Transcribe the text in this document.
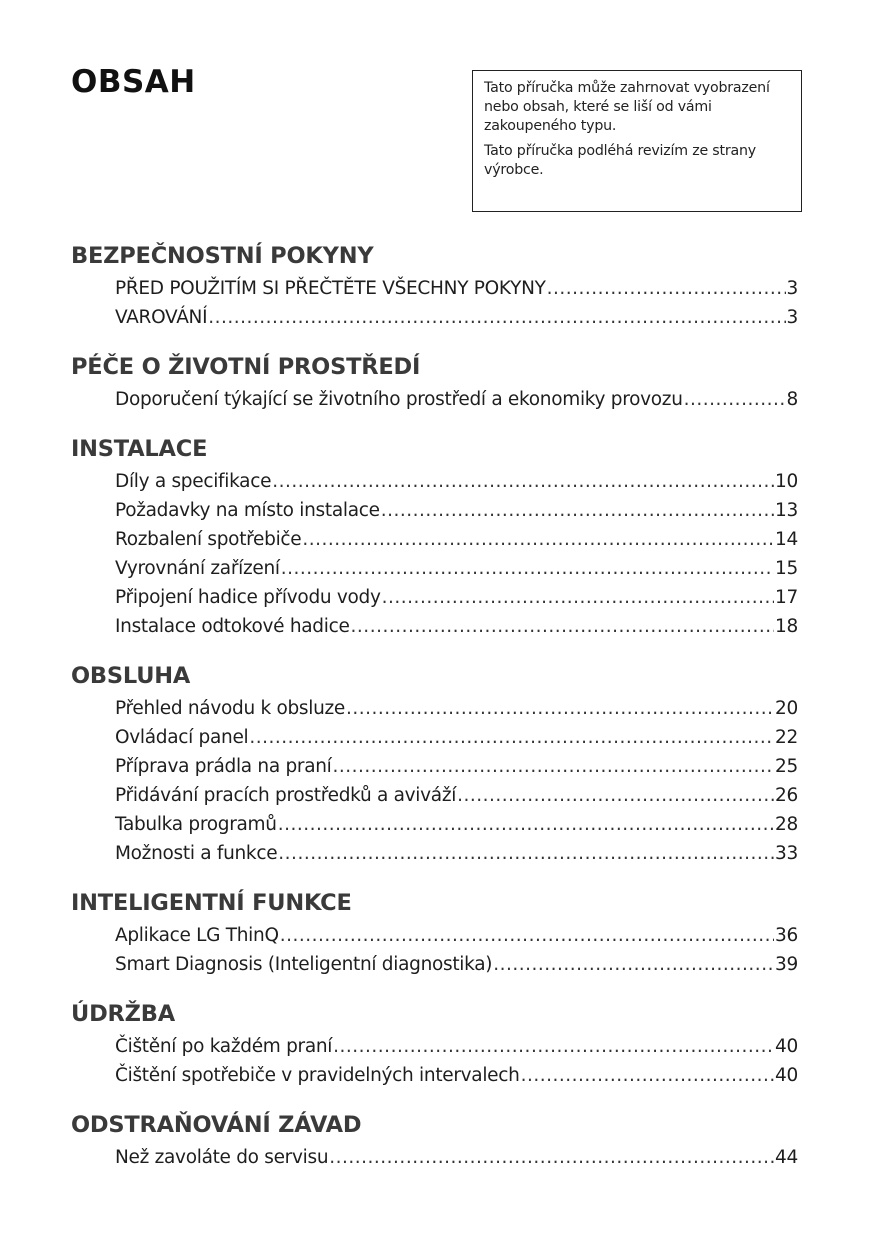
OBSAH	Tato příručka může zahrnovat vyobrazení nebo obsah, které se liší od vámi zakoupeného typu.

Tato příručka podléhá revizím ze strany výrobce.

BEZPEČNOSTNÍ POKYNY
PŘED POUŽITÍM SI PŘEČTĚTE VŠECHNY POKYNY .....	3
VAROVÁNÍ .....	3
PÉČE O ŽIVOTNÍ PROSTŘEDÍ
Doporučení týkající se životního prostředí a ekonomiky provozu .....	8
INSTALACE
Díly a specifikace .....	10
Požadavky na místo instalace .....	13
Rozbalení spotřebiče .....	14
Vyrovnání zařízení .....	15
Připojení hadice přívodu vody .....	17
Instalace odtokové hadice .....	18
OBSLUHA
Přehled návodu k obsluze .....	20
Ovládací panel .....	22
Příprava prádla na praní .....	25
Přidávání pracích prostředků a aviváží .....	26
Tabulka programů .....	28
Možnosti a funkce .....	33
INTELIGENTNÍ FUNKCE
Aplikace LG ThinQ .....	36
Smart Diagnosis (Inteligentní diagnostika) .....	39
ÚDRŽBA
Čištění po každém praní .....	40
Čištění spotřebiče v pravidelných intervalech .....	40
ODSTRAŇOVÁNÍ ZÁVAD
Než zavoláte do servisu .....	44
